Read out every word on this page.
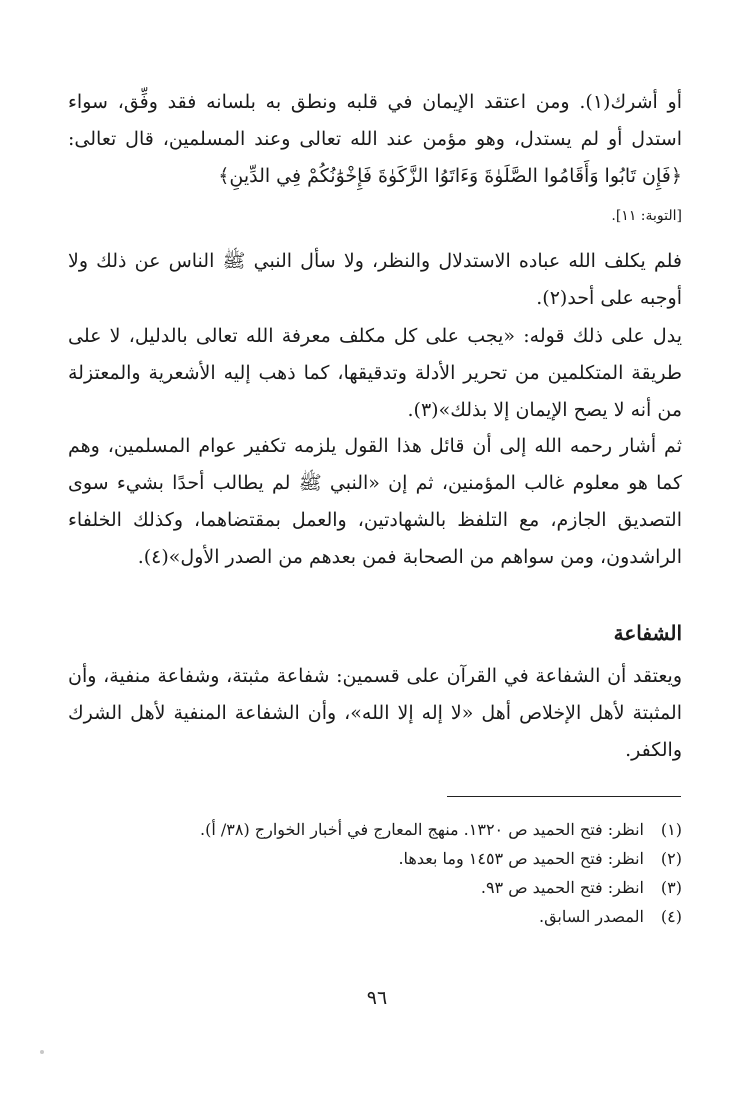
أو أشرك(١). ومن اعتقد الإيمان في قلبه ونطق به بلسانه فقد وفِّق، سواء استدل أو لم يستدل، وهو مؤمن عند الله تعالى وعند المسلمين، قال تعالى: ﴿فَإِن تَابُوا وَأَقَامُوا الصَّلَوٰةَ وَءَاتَوُا الزَّكَوٰةَ فَإِخْوَٰنُكُمْ فِي الدِّينِ﴾

[التوبة: ١١].

فلم يكلف الله عباده الاستدلال والنظر، ولا سأل النبي ﷺ الناس عن ذلك ولا أوجبه على أحد(٢).

يدل على ذلك قوله: «يجب على كل مكلف معرفة الله تعالى بالدليل، لا على طريقة المتكلمين من تحرير الأدلة وتدقيقها، كما ذهب إليه الأشعرية والمعتزلة من أنه لا يصح الإيمان إلا بذلك»(٣).

ثم أشار رحمه الله إلى أن قائل هذا القول يلزمه تكفير عوام المسلمين، وهم كما هو معلوم غالب المؤمنين، ثم إن «النبي ﷺ لم يطالب أحدًا بشيء سوى التصديق الجازم، مع التلفظ بالشهادتين، والعمل بمقتضاهما، وكذلك الخلفاء الراشدون، ومن سواهم من الصحابة فمن بعدهم من الصدر الأول»(٤).

الشفاعة

ويعتقد أن الشفاعة في القرآن على قسمين: شفاعة مثبتة، وشفاعة منفية، وأن المثبتة لأهل الإخلاص أهل «لا إله إلا الله»، وأن الشفاعة المنفية لأهل الشرك والكفر.

(١)
انظر: فتح الحميد ص ١٣٢٠. منهج المعارج في أخبار الخوارج (٣٨/ أ).
(٢)
انظر: فتح الحميد ص ١٤٥٣ وما بعدها.
(٣)
انظر: فتح الحميد ص ٩٣.
(٤)
المصدر السابق.
٩٦
